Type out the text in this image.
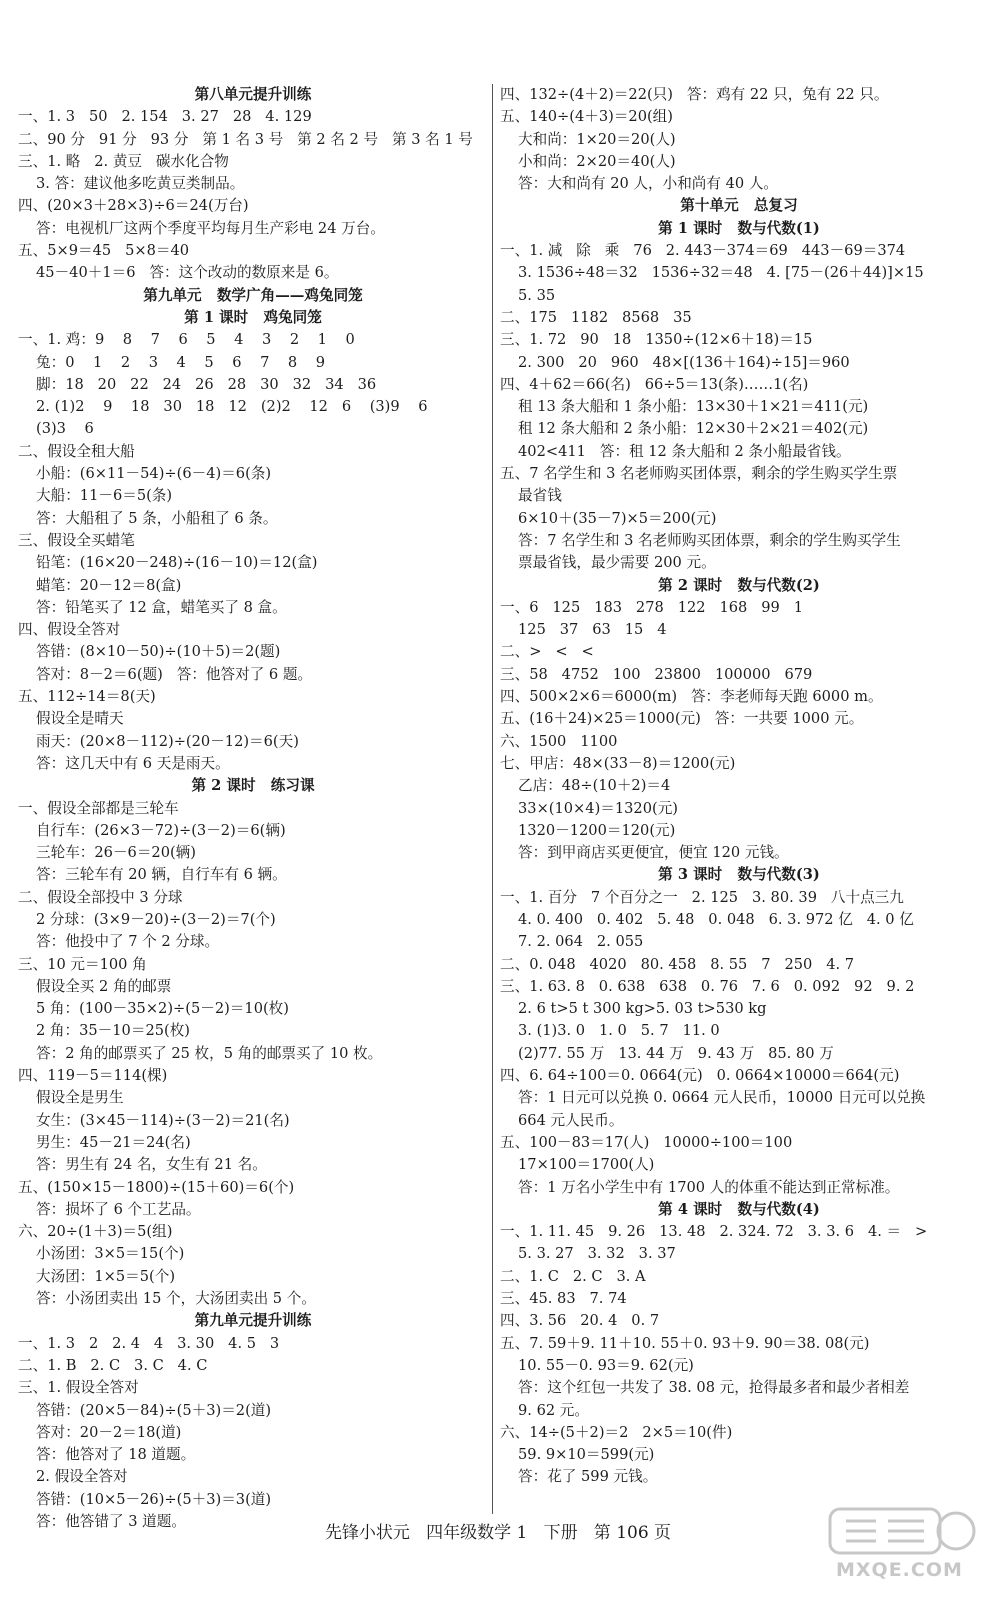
第八单元提升训练
一、1. 3   50   2. 154   3. 27   28   4. 129
二、90 分   91 分   93 分   第 1 名 3 号   第 2 名 2 号   第 3 名 1 号
三、1. 略   2. 黄豆   碳水化合物
3. 答：建议他多吃黄豆类制品。
四、(20×3＋28×3)÷6＝24(万台)
答：电视机厂这两个季度平均每月生产彩电 24 万台。
五、5×9＝45   5×8＝40
45－40＋1＝6   答：这个改动的数原来是 6。
第九单元   数学广角——鸡兔同笼
第 1 课时   鸡兔同笼
一、1. 鸡：9    8    7    6    5    4    3    2    1    0
兔：0    1    2    3    4    5    6    7    8    9
脚：18   20   22   24   26   28   30   32   34   36
2. (1)2    9    18   30   18   12   (2)2    12   6    (3)9    6
(3)3    6
二、假设全租大船
小船：(6×11－54)÷(6－4)＝6(条)
大船：11－6＝5(条)
答：大船租了 5 条，小船租了 6 条。
三、假设全买蜡笔
铅笔：(16×20－248)÷(16－10)＝12(盒)
蜡笔：20－12＝8(盒)
答：铅笔买了 12 盒，蜡笔买了 8 盒。
四、假设全答对
答错：(8×10－50)÷(10＋5)＝2(题)
答对：8－2＝6(题)   答：他答对了 6 题。
五、112÷14＝8(天)
假设全是晴天
雨天：(20×8－112)÷(20－12)＝6(天)
答：这几天中有 6 天是雨天。
第 2 课时   练习课
一、假设全部都是三轮车
自行车：(26×3－72)÷(3－2)＝6(辆)
三轮车：26－6＝20(辆)
答：三轮车有 20 辆，自行车有 6 辆。
二、假设全部投中 3 分球
2 分球：(3×9－20)÷(3－2)＝7(个)
答：他投中了 7 个 2 分球。
三、10 元＝100 角
假设全买 2 角的邮票
5 角：(100－35×2)÷(5－2)＝10(枚)
2 角：35－10＝25(枚)
答：2 角的邮票买了 25 枚，5 角的邮票买了 10 枚。
四、119－5＝114(棵)
假设全是男生
女生：(3×45－114)÷(3－2)＝21(名)
男生：45－21＝24(名)
答：男生有 24 名，女生有 21 名。
五、(150×15－1800)÷(15＋60)＝6(个)
答：损坏了 6 个工艺品。
六、20÷(1＋3)＝5(组)
小汤团：3×5＝15(个)
大汤团：1×5＝5(个)
答：小汤团卖出 15 个，大汤团卖出 5 个。
第九单元提升训练
一、1. 3   2   2. 4   4   3. 30   4. 5   3
二、1. B   2. C   3. C   4. C
三、1. 假设全答对
答错：(20×5－84)÷(5＋3)＝2(道)
答对：20－2＝18(道)
答：他答对了 18 道题。
2. 假设全答对
答错：(10×5－26)÷(5＋3)＝3(道)
答：他答错了 3 道题。
四、132÷(4＋2)＝22(只)   答：鸡有 22 只，兔有 22 只。
五、140÷(4＋3)＝20(组)
大和尚：1×20＝20(人)
小和尚：2×20＝40(人)
答：大和尚有 20 人，小和尚有 40 人。
第十单元   总复习
第 1 课时   数与代数(1)
一、1. 减   除   乘   76   2. 443－374＝69   443－69＝374
3. 1536÷48＝32   1536÷32＝48   4. [75－(26＋44)]×15
5. 35
二、175   1182   8568   35
三、1. 72   90   18   1350÷(12×6＋18)＝15
2. 300   20   960   48×[(136＋164)÷15]＝960
四、4＋62＝66(名)   66÷5＝13(条)……1(名)
租 13 条大船和 1 条小船：13×30＋1×21＝411(元)
租 12 条大船和 2 条小船：12×30＋2×21＝402(元)
402<411   答：租 12 条大船和 2 条小船最省钱。
五、7 名学生和 3 名老师购买团体票，剩余的学生购买学生票
最省钱
6×10＋(35－7)×5＝200(元)
答：7 名学生和 3 名老师购买团体票，剩余的学生购买学生
票最省钱，最少需要 200 元。
第 2 课时   数与代数(2)
一、6   125   183   278   122   168   99   1
125   37   63   15   4
二、>   <   <
三、58   4752   100   23800   100000   679
四、500×2×6＝6000(m)   答：李老师每天跑 6000 m。
五、(16＋24)×25＝1000(元)   答：一共要 1000 元。
六、1500   1100
七、甲店：48×(33－8)＝1200(元)
乙店：48÷(10＋2)＝4
33×(10×4)＝1320(元)
1320－1200＝120(元)
答：到甲商店买更便宜，便宜 120 元钱。
第 3 课时   数与代数(3)
一、1. 百分   7 个百分之一   2. 125   3. 80. 39   八十点三九
4. 0. 400   0. 402   5. 48   0. 048   6. 3. 972 亿   4. 0 亿
7. 2. 064   2. 055
二、0. 048   4020   80. 458   8. 55   7   250   4. 7
三、1. 63. 8   0. 638   638   0. 76   7. 6   0. 092   92   9. 2
2. 6 t>5 t 300 kg>5. 03 t>530 kg
3. (1)3. 0   1. 0   5. 7   11. 0
(2)77. 55 万   13. 44 万   9. 43 万   85. 80 万
四、6. 64÷100＝0. 0664(元)   0. 0664×10000＝664(元)
答：1 日元可以兑换 0. 0664 元人民币，10000 日元可以兑换
664 元人民币。
五、100－83＝17(人)   10000÷100＝100
17×100＝1700(人)
答：1 万名小学生中有 1700 人的体重不能达到正常标准。
第 4 课时   数与代数(4)
一、1. 11. 45   9. 26   13. 48   2. 324. 72   3. 3. 6   4. ＝   >
5. 3. 27   3. 32   3. 37
二、1. C   2. C   3. A
三、45. 83   7. 74
四、3. 56   20. 4   0. 7
五、7. 59＋9. 11＋10. 55＋0. 93＋9. 90＝38. 08(元)
10. 55－0. 93＝9. 62(元)
答：这个红包一共发了 38. 08 元，抢得最多者和最少者相差
9. 62 元。
六、14÷(5＋2)＝2   2×5＝10(件)
59. 9×10＝599(元)
答：花了 599 元钱。
先锋小状元   四年级数学 1   下册   第 106 页
MXQE.COM
